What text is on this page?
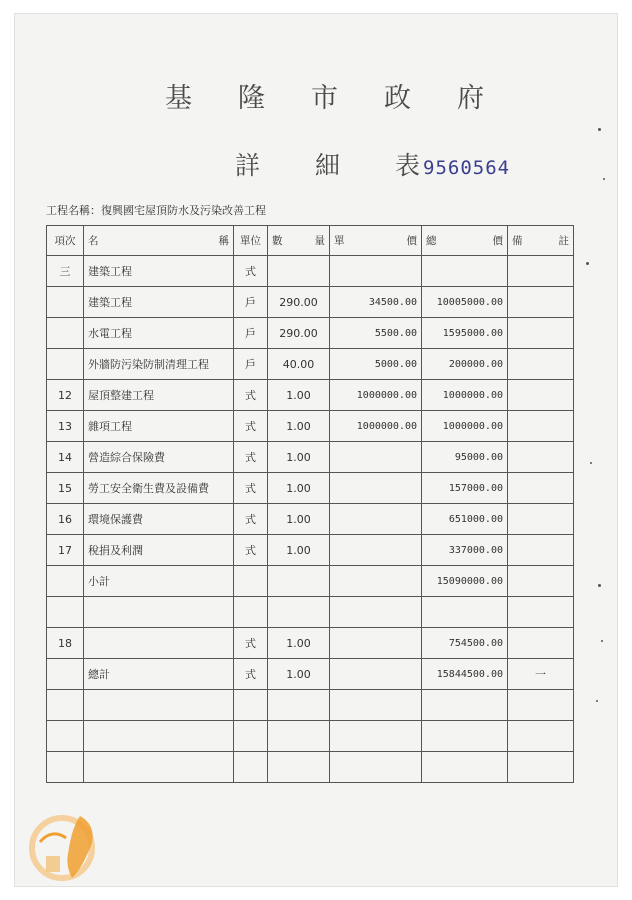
基 隆 市 政 府
詳 細 表 9560564
工程名稱：復興國宅屋頂防水及污染改善工程
項次	名 稱	單位	數 量	單 價	總 價	備 註

三	建築工程	式				
	建築工程	戶	290.00	34500.00	10005000.00	
	水電工程	戶	290.00	5500.00	1595000.00	
	外牆防污染防制清理工程	戶	40.00	5000.00	200000.00	
12	屋頂整建工程	式	1.00	1000000.00	1000000.00	
13	雜項工程	式	1.00	1000000.00	1000000.00	
14	營造綜合保險費	式	1.00		95000.00	
15	勞工安全衛生費及設備費	式	1.00		157000.00	
16	環境保護費	式	1.00		651000.00	
17	稅捐及利潤	式	1.00		337000.00	
	小計				15090000.00	

18		式	1.00		754500.00	
	總計	式	1.00		15844500.00	一
